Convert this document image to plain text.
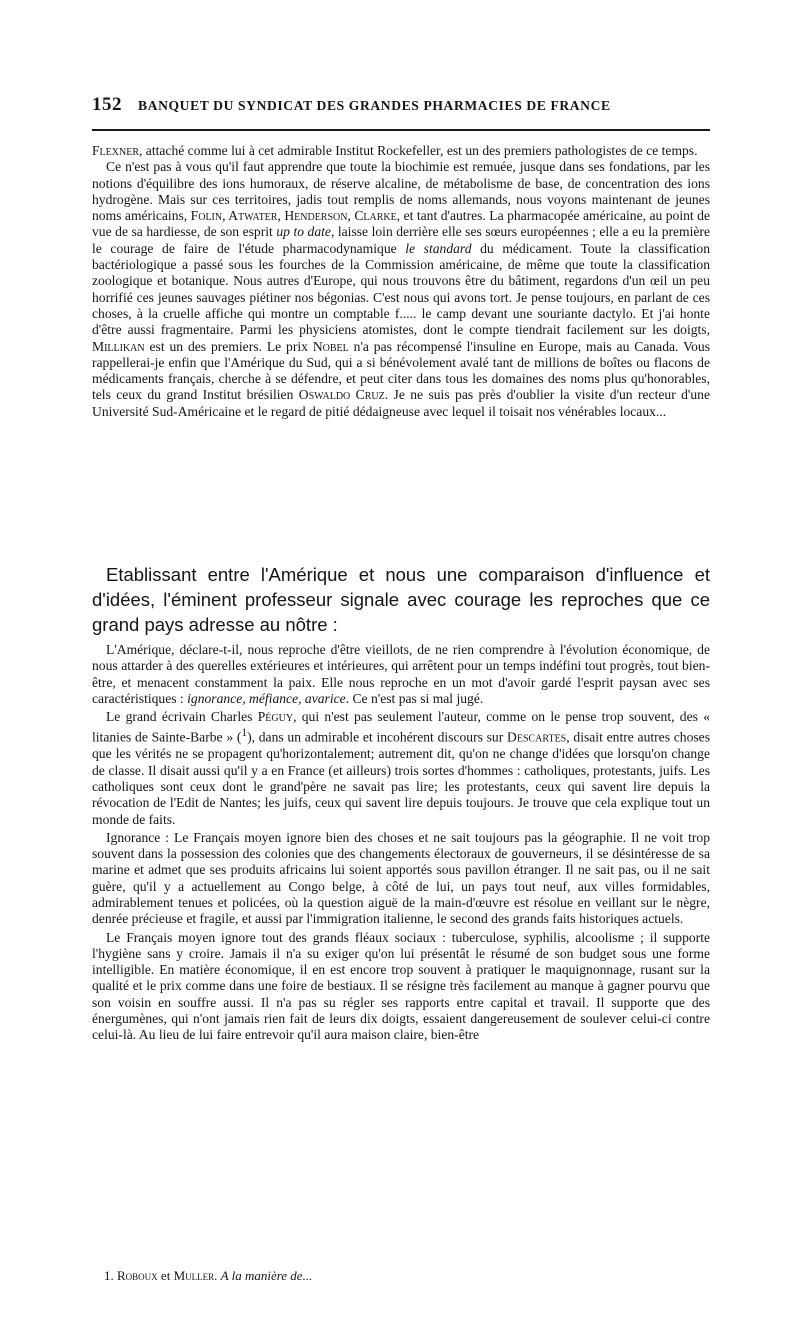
152 BANQUET DU SYNDICAT DES GRANDES PHARMACIES DE FRANCE

Flexner, attaché comme lui à cet admirable Institut Rockefeller, est un des premiers pathologistes de ce temps.

Ce n'est pas à vous qu'il faut apprendre que toute la biochimie est remuée, jusque dans ses fondations, par les notions d'équilibre des ions humoraux, de réserve alcaline, de métabolisme de base, de concentration des ions hydrogène. Mais sur ces territoires, jadis tout remplis de noms allemands, nous voyons maintenant de jeunes noms américains, Folin, Atwater, Henderson, Clarke, et tant d'autres. La pharmacopée américaine, au point de vue de sa hardiesse, de son esprit up to date, laisse loin derrière elle ses sœurs européennes ; elle a eu la première le courage de faire de l'étude pharmacodynamique le standard du médicament. Toute la classification bactériologique a passé sous les fourches de la Commission américaine, de même que toute la classification zoologique et botanique. Nous autres d'Europe, qui nous trouvons être du bâtiment, regardons d'un œil un peu horrifié ces jeunes sauvages piétiner nos bégonias. C'est nous qui avons tort. Je pense toujours, en parlant de ces choses, à la cruelle affiche qui montre un comptable f..... le camp devant une souriante dactylo. Et j'ai honte d'être aussi fragmentaire. Parmi les physiciens atomistes, dont le compte tiendrait facilement sur les doigts, Millikan est un des premiers. Le prix Nobel n'a pas récompensé l'insuline en Europe, mais au Canada. Vous rappellerai-je enfin que l'Amérique du Sud, qui a si bénévolement avalé tant de millions de boîtes ou flacons de médicaments français, cherche à se défendre, et peut citer dans tous les domaines des noms plus qu'honorables, tels ceux du grand Institut brésilien Oswaldo Cruz. Je ne suis pas près d'oublier la visite d'un recteur d'une Université Sud-Américaine et le regard de pitié dédaigneuse avec lequel il toisait nos vénérables locaux...

Etablissant entre l'Amérique et nous une comparaison d'influence et d'idées, l'éminent professeur signale avec courage les reproches que ce grand pays adresse au nôtre :

L'Amérique, déclare-t-il, nous reproche d'être vieillots, de ne rien comprendre à l'évolution économique, de nous attarder à des querelles extérieures et intérieures, qui arrêtent pour un temps indéfini tout progrès, tout bien-être, et menacent constamment la paix. Elle nous reproche en un mot d'avoir gardé l'esprit paysan avec ses caractéristiques : ignorance, méfiance, avarice. Ce n'est pas si mal jugé.

Le grand écrivain Charles Péguy, qui n'est pas seulement l'auteur, comme on le pense trop souvent, des « litanies de Sainte-Barbe » ($^1$), dans un admirable et incohérent discours sur Descartes, disait entre autres choses que les vérités ne se propagent qu'horizontalement; autrement dit, qu'on ne change d'idées que lorsqu'on change de classe. Il disait aussi qu'il y a en France (et ailleurs) trois sortes d'hommes : catholiques, protestants, juifs. Les catholiques sont ceux dont le grand'père ne savait pas lire; les protestants, ceux qui savent lire depuis la révocation de l'Edit de Nantes; les juifs, ceux qui savent lire depuis toujours. Je trouve que cela explique tout un monde de faits.

Ignorance : Le Français moyen ignore bien des choses et ne sait toujours pas la géographie. Il ne voit trop souvent dans la possession des colonies que des changements électoraux de gouverneurs, il se désintéresse de sa marine et admet que ses produits africains lui soient apportés sous pavillon étranger. Il ne sait pas, ou il ne sait guère, qu'il y a actuellement au Congo belge, à côté de lui, un pays tout neuf, aux villes formidables, admirablement tenues et policées, où la question aiguë de la main-d'œuvre est résolue en veillant sur le nègre, denrée précieuse et fragile, et aussi par l'immigration italienne, le second des grands faits historiques actuels.

Le Français moyen ignore tout des grands fléaux sociaux : tuberculose, syphilis, alcoolisme ; il supporte l'hygiène sans y croire. Jamais il n'a su exiger qu'on lui présentât le résumé de son budget sous une forme intelligible. En matière économique, il en est encore trop souvent à pratiquer le maquignonnage, rusant sur la qualité et le prix comme dans une foire de bestiaux. Il se résigne très facilement au manque à gagner pourvu que son voisin en souffre aussi. Il n'a pas su régler ses rapports entre capital et travail. Il supporte que des énergumènes, qui n'ont jamais rien fait de leurs dix doigts, essaient dangereusement de soulever celui-ci contre celui-là. Au lieu de lui faire entrevoir qu'il aura maison claire, bien-être

1. Roboux et Muller. A la manière de...
